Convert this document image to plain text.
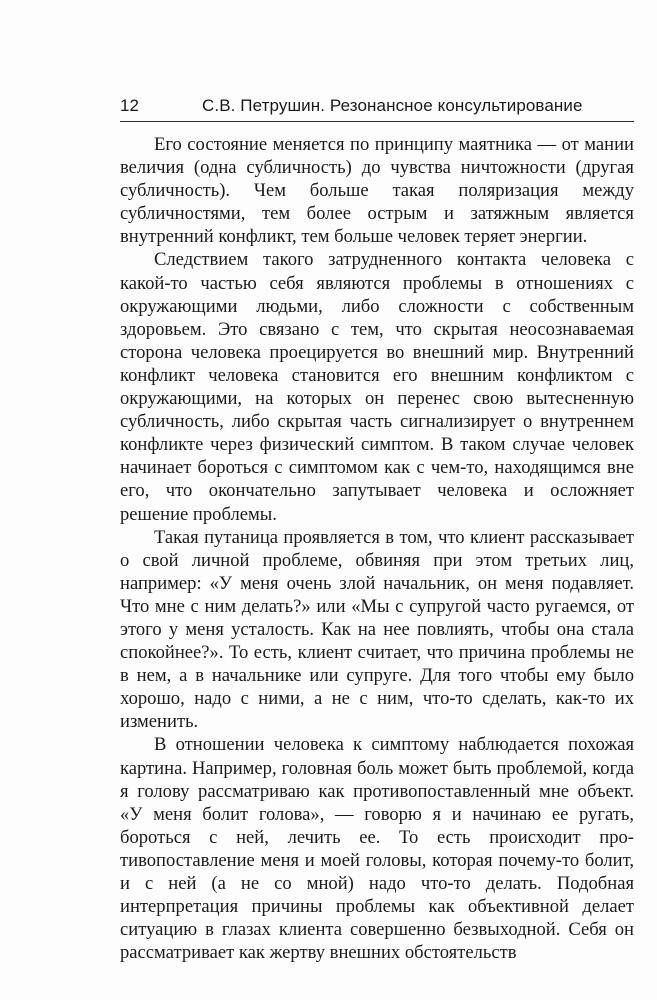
12	С.В. Петрушин. Резонансное консультирование

Его состояние меняется по принципу маятника — от мании величия (одна субличность) до чувства ничтожности (другая субличность). Чем больше такая поляризация между субличностями, тем более острым и затяжным является внутренний конфликт, тем больше человек теряет энергии.

Следствием такого затрудненного контакта человека с какой-то частью себя являются проблемы в отношениях с окружающими людьми, либо сложности с собственным здоровьем. Это связано с тем, что скрытая неосознаваемая сторона человека проецируется во внешний мир. Внутренний конфликт человека становится его внешним конфликтом с окружающими, на которых он перенес свою вытесненную субличность, либо скрытая часть сигнализирует о внутреннем конфликте через физический симптом. В таком случае человек начинает бороться с симптомом как с чем-то, находящимся вне его, что окончательно запутывает человека и осложняет решение проблемы.

Такая путаница проявляется в том, что клиент рассказывает о свой личной проблеме, обвиняя при этом третьих лиц, например: «У меня очень злой начальник, он меня подавляет. Что мне с ним делать?» или «Мы с супругой часто ругаемся, от этого у меня усталость. Как на нее повлиять, чтобы она стала спокойнее?». То есть, клиент считает, что причина проблемы не в нем, а в начальнике или супруге. Для того чтобы ему было хорошо, надо с ними, а не с ним, что-то сделать, как-то их изменить.

В отношении человека к симптому наблюдается похожая картина. Например, головная боль может быть проблемой, когда я голову рассматриваю как противопоставленный мне объект. «У меня болит голова», — говорю я и начинаю ее ругать, бороться с ней, лечить ее. То есть происходит противопоставление меня и моей головы, которая почему-то болит, и с ней (а не со мной) надо что-то делать. Подобная интерпретация причины проблемы как объективной делает ситуацию в глазах клиента совершенно безвыходной. Себя он рассматривает как жертву внешних обстоятельств
